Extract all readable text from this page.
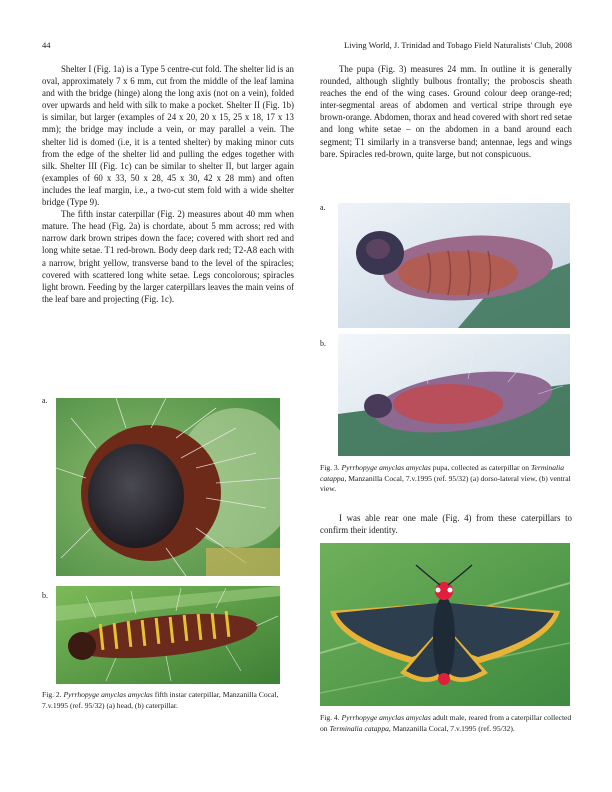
44	Living World, J. Trinidad and Tobago Field Naturalists' Club, 2008

Shelter I (Fig. 1a) is a Type 5 centre-cut fold. The shelter lid is an oval, approximately 7 x 6 mm, cut from the middle of the leaf lamina and with the bridge (hinge) along the long axis (not on a vein), folded over upwards and held with silk to make a pocket. Shelter II (Fig. 1b) is similar, but larger (examples of 24 x 20, 20 x 15, 25 x 18, 17 x 13 mm); the bridge may include a vein, or may parallel a vein. The shelter lid is domed (i.e, it is a tented shelter) by making minor cuts from the edge of the shelter lid and pulling the edges together with silk. Shelter III (Fig. 1c) can be similar to shelter II, but larger again (examples of 60 x 33, 50 x 28, 45 x 30, 42 x 28 mm) and often includes the leaf margin, i.e., a two-cut stem fold with a wide shelter bridge (Type 9).

The fifth instar caterpillar (Fig. 2) measures about 40 mm when mature. The head (Fig. 2a) is chordate, about 5 mm across; red with narrow dark brown stripes down the face; covered with short red and long white setae. T1 red-brown. Body deep dark red; T2-A8 each with a narrow, bright yellow, transverse band to the level of the spiracles; covered with scattered long white setae. Legs concolorous; spiracles light brown. Feeding by the larger caterpillars leaves the main veins of the leaf bare and projecting (Fig. 1c).

a.
b.
Fig. 2. Pyrrhopyge amyclas amyclas fifth instar caterpillar, Manzanilla Cocal, 7.v.1995 (ref. 95/32) (a) head, (b) caterpillar.

The pupa (Fig. 3) measures 24 mm. In outline it is generally rounded, although slightly bulbous frontally; the proboscis sheath reaches the end of the wing cases. Ground colour deep orange-red; inter-segmental areas of abdomen and vertical stripe through eye brown-orange. Abdomen, thorax and head covered with short red setae and long white setae – on the abdomen in a band around each segment; T1 similarly in a transverse band; antennae, legs and wings bare. Spiracles red-brown, quite large, but not conspicuous.

a.
b.
Fig. 3. Pyrrhopyge amyclas amyclas pupa, collected as caterpillar on Terminalia catappa, Manzanilla Cocal, 7.v.1995 (ref. 95/32) (a) dorso-lateral view, (b) ventral view.

I was able rear one male (Fig. 4) from these caterpillars to confirm their identity.

Fig. 4. Pyrrhopyge amyclas amyclas adult male, reared from a caterpillar collected on Terminalia catappa, Manzanilla Cocal, 7.v.1995 (ref. 95/32).
